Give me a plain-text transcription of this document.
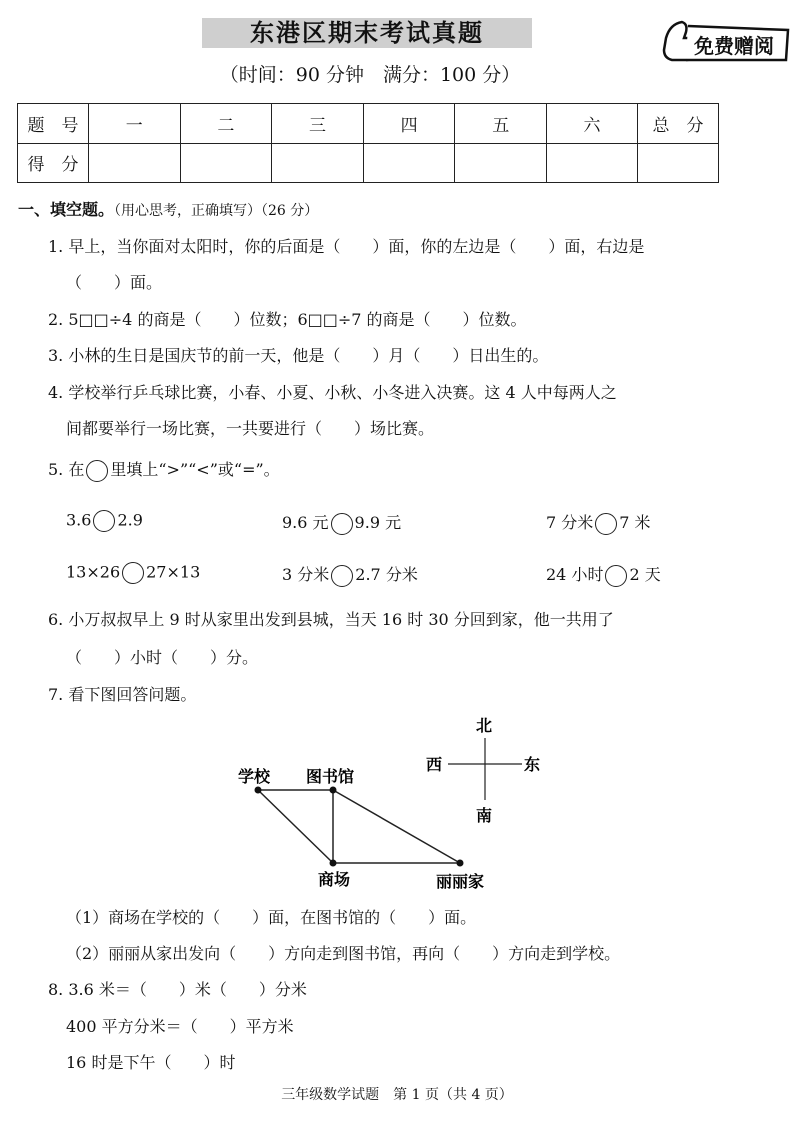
东港区期末考试真题
（时间：90 分钟　满分：100 分）
免费赠阅
题　号	一	二	三	四	五	六	总　分
得　分							
一、填空题。（用心思考，正确填写）（26 分）
1. 早上，当你面对太阳时，你的后面是（　　）面，你的左边是（　　）面，右边是
（　　）面。
2. 5□□÷4 的商是（　　）位数；6□□÷7 的商是（　　）位数。
3. 小林的生日是国庆节的前一天，他是（　　）月（　　）日出生的。
4. 学校举行乒乓球比赛，小春、小夏、小秋、小冬进入决赛。这 4 人中每两人之
间都要举行一场比赛，一共要进行（　　）场比赛。
5. 在 里填上“>”“<”或“=”。
3.6 2.9	9.6 元 9.9 元	7 分米 7 米
13×26 27×13	3 分米 2.7 分米	24 小时 2 天
6. 小万叔叔早上 9 时从家里出发到县城，当天 16 时 30 分回到家，他一共用了
（　　）小时（　　）分。
7. 看下图回答问题。
北
南
东
西
学校 图书馆
商场	丽丽家
（1）商场在学校的（　　）面，在图书馆的（　　）面。
（2）丽丽从家出发向（　　）方向走到图书馆，再向（　　）方向走到学校。
8. 3.6 米＝（　　）米（　　）分米
400 平方分米＝（　　）平方米
16 时是下午（　　）时
三年级数学试题　第 1 页（共 4 页）
